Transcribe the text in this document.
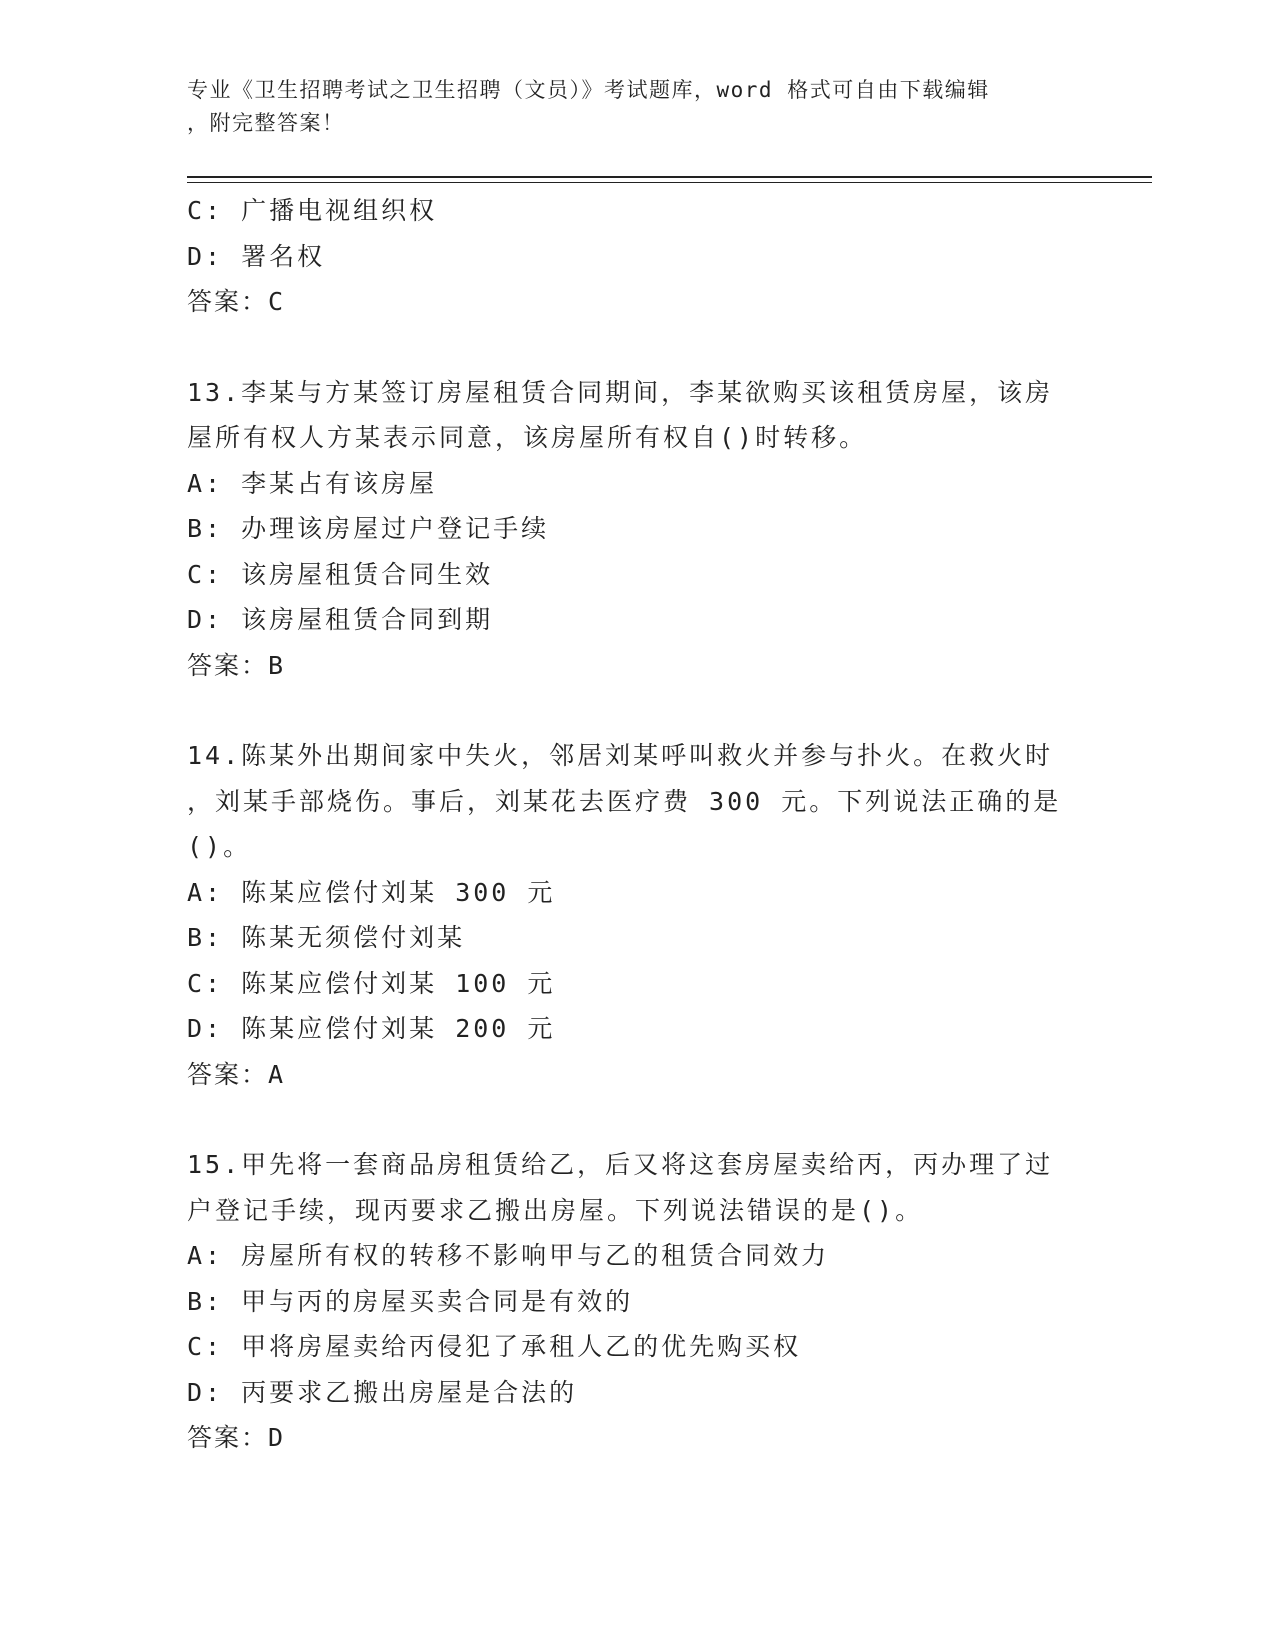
专业《卫生招聘考试之卫生招聘（文员）》考试题库，word 格式可自由下载编辑
，附完整答案！
C: 广播电视组织权
D: 署名权
答案：C
13.李某与方某签订房屋租赁合同期间，李某欲购买该租赁房屋，该房
屋所有权人方某表示同意，该房屋所有权自()时转移。
A: 李某占有该房屋
B: 办理该房屋过户登记手续
C: 该房屋租赁合同生效
D: 该房屋租赁合同到期
答案：B
14.陈某外出期间家中失火，邻居刘某呼叫救火并参与扑火。在救火时
，刘某手部烧伤。事后，刘某花去医疗费 300 元。下列说法正确的是
()。
A: 陈某应偿付刘某 300 元
B: 陈某无须偿付刘某
C: 陈某应偿付刘某 100 元
D: 陈某应偿付刘某 200 元
答案：A
15.甲先将一套商品房租赁给乙，后又将这套房屋卖给丙，丙办理了过
户登记手续，现丙要求乙搬出房屋。下列说法错误的是()。
A: 房屋所有权的转移不影响甲与乙的租赁合同效力
B: 甲与丙的房屋买卖合同是有效的
C: 甲将房屋卖给丙侵犯了承租人乙的优先购买权
D: 丙要求乙搬出房屋是合法的
答案：D
